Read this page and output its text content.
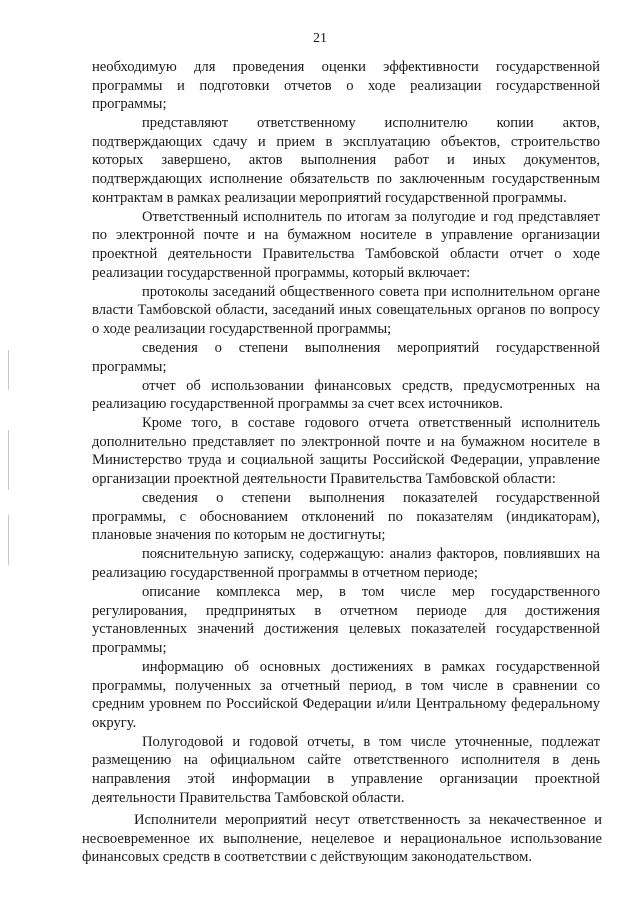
21

необходимую для проведения оценки эффективности государственной программы и подготовки отчетов о ходе реализации государственной программы;

представляют ответственному исполнителю копии актов, подтверждающих сдачу и прием в эксплуатацию объектов, строительство которых завершено, актов выполнения работ и иных документов, подтверждающих исполнение обязательств по заключенным государственным контрактам в рамках реализации мероприятий государственной программы.

Ответственный исполнитель по итогам за полугодие и год представляет по электронной почте и на бумажном носителе в управление организации проектной деятельности Правительства Тамбовской области отчет о ходе реализации государственной программы, который включает:

протоколы заседаний общественного совета при исполнительном органе власти Тамбовской области, заседаний иных совещательных органов по вопросу о ходе реализации государственной программы;

сведения о степени выполнения мероприятий государственной программы;

отчет об использовании финансовых средств, предусмотренных на реализацию государственной программы за счет всех источников.

Кроме того, в составе годового отчета ответственный исполнитель дополнительно представляет по электронной почте и на бумажном носителе в Министерство труда и социальной защиты Российской Федерации, управление организации проектной деятельности Правительства Тамбовской области:

сведения о степени выполнения показателей государственной программы, с обоснованием отклонений по показателям (индикаторам), плановые значения по которым не достигнуты;

пояснительную записку, содержащую: анализ факторов, повлиявших на реализацию государственной программы в отчетном периоде;

описание комплекса мер, в том числе мер государственного регулирования, предпринятых в отчетном периоде для достижения установленных значений достижения целевых показателей государственной программы;

информацию об основных достижениях в рамках государственной программы, полученных за отчетный период, в том числе в сравнении со средним уровнем по Российской Федерации и/или Центральному федеральному округу.

Полугодовой и годовой отчеты, в том числе уточненные, подлежат размещению на официальном сайте ответственного исполнителя в день направления этой информации в управление организации проектной деятельности Правительства Тамбовской области.

Исполнители мероприятий несут ответственность за некачественное и несвоевременное их выполнение, нецелевое и нерациональное использование финансовых средств в соответствии с действующим законодательством.
